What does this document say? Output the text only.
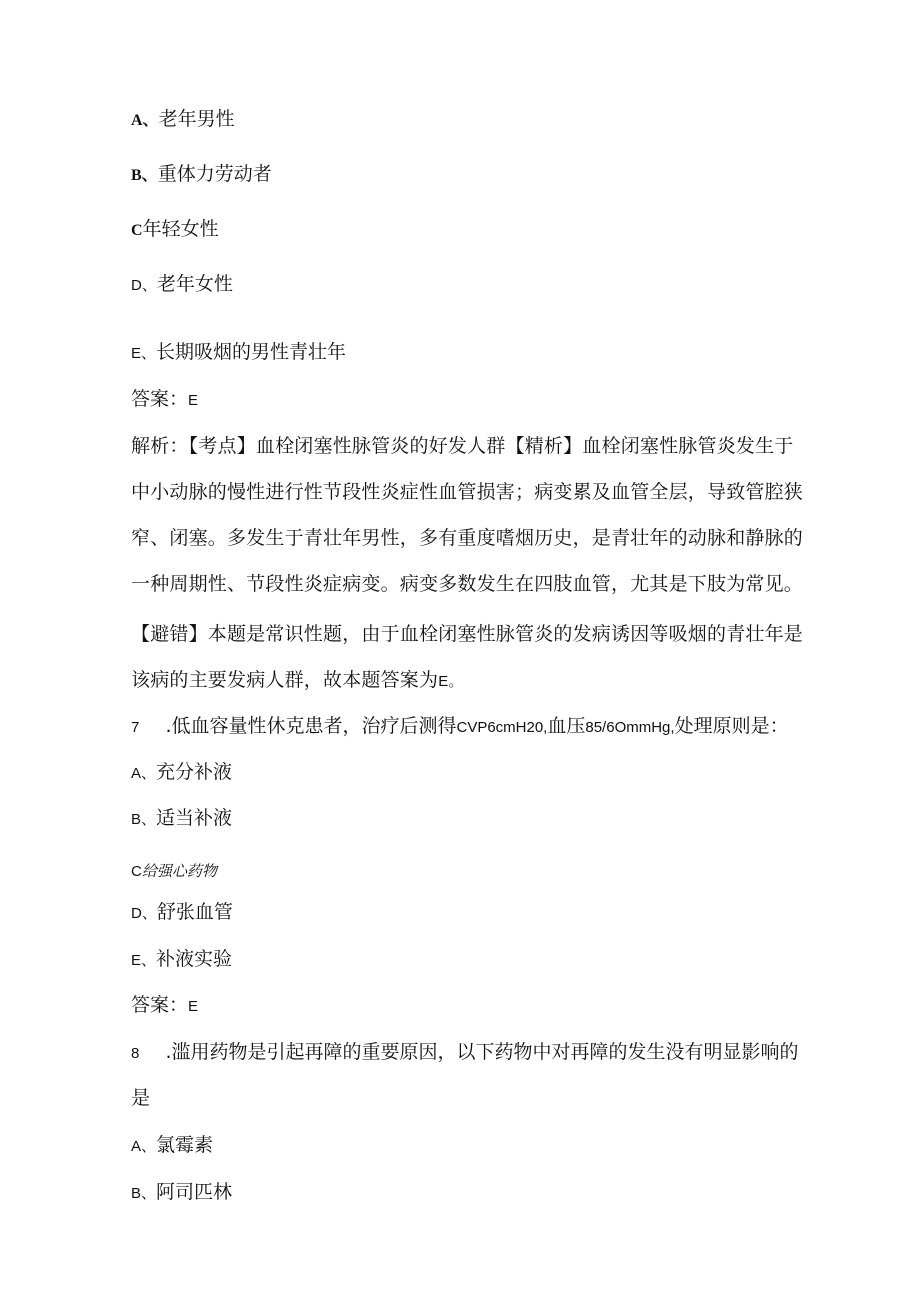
A、老年男性
B、重体力劳动者
C年轻女性
D、老年女性
E、长期吸烟的男性青壮年
答案：E
解析：【考点】血栓闭塞性脉管炎的好发人群【精析】血栓闭塞性脉管炎发生于
中小动脉的慢性进行性节段性炎症性血管损害；病变累及血管全层，导致管腔狭
窄、闭塞。多发生于青壮年男性，多有重度嗜烟历史，是青壮年的动脉和静脉的
一种周期性、节段性炎症病变。病变多数发生在四肢血管，尤其是下肢为常见。
【避错】本题是常识性题，由于血栓闭塞性脉管炎的发病诱因等吸烟的青壮年是
该病的主要发病人群，故本题答案为E。
7 .低血容量性休克患者，治疗后测得CVP6cmH20,血压85/6OmmHg,处理原则是：
A、充分补液
B、适当补液
C给强心药物
D、舒张血管
E、补液实验
答案：E
8 .滥用药物是引起再障的重要原因，以下药物中对再障的发生没有明显影响的
是
A、氯霉素
B、阿司匹林
